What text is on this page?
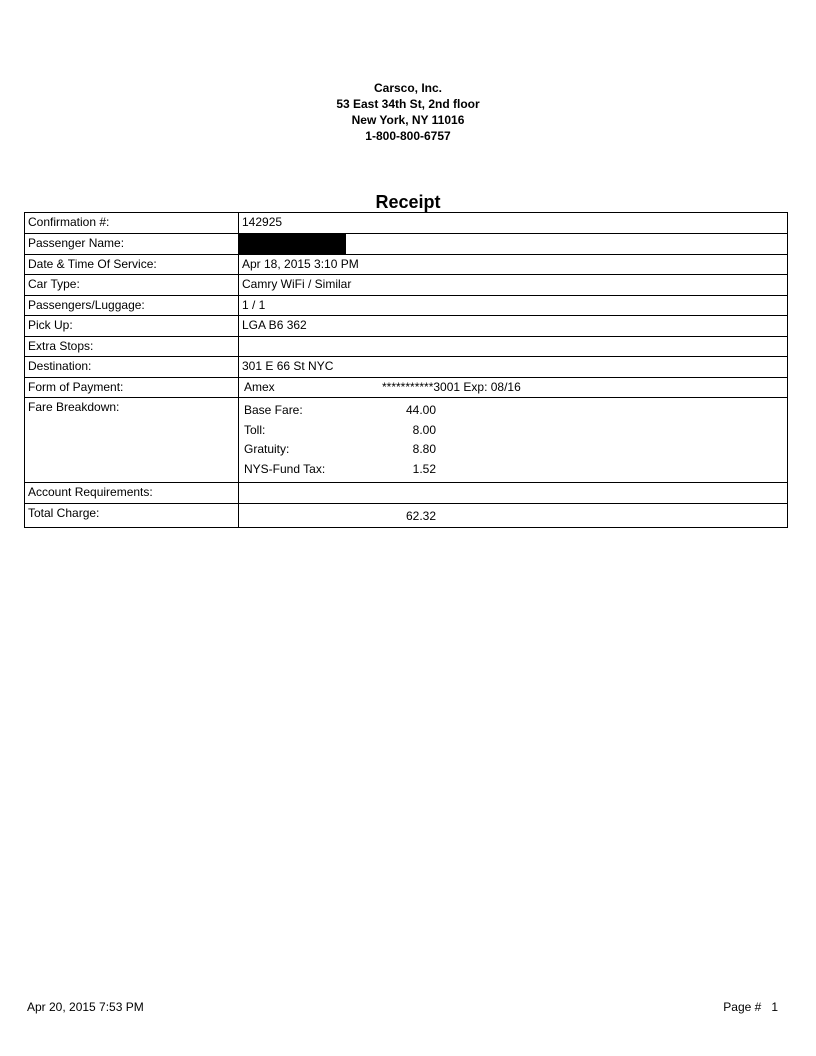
Carsco, Inc.
53 East 34th St, 2nd floor
New York, NY 11016
1-800-800-6757
Receipt
Confirmation #:	142925
Passenger Name:	
Date & Time Of Service:	Apr 18, 2015 3:10 PM
Car Type:	Camry WiFi / Similar
Passengers/Luggage:	1 / 1
Pick Up:	LGA B6 362
Extra Stops:	
Destination:	301 E 66 St NYC
Form of Payment:	Amex	***********3001 Exp: 08/16
Fare Breakdown:		Base Fare:	44.00
Toll:	8.00
Gratuity:	8.80
NYS-Fund Tax:	1.52

Account Requirements:	
Total Charge:	62.32
Apr 20, 2015 7:53 PM	Page # 1
